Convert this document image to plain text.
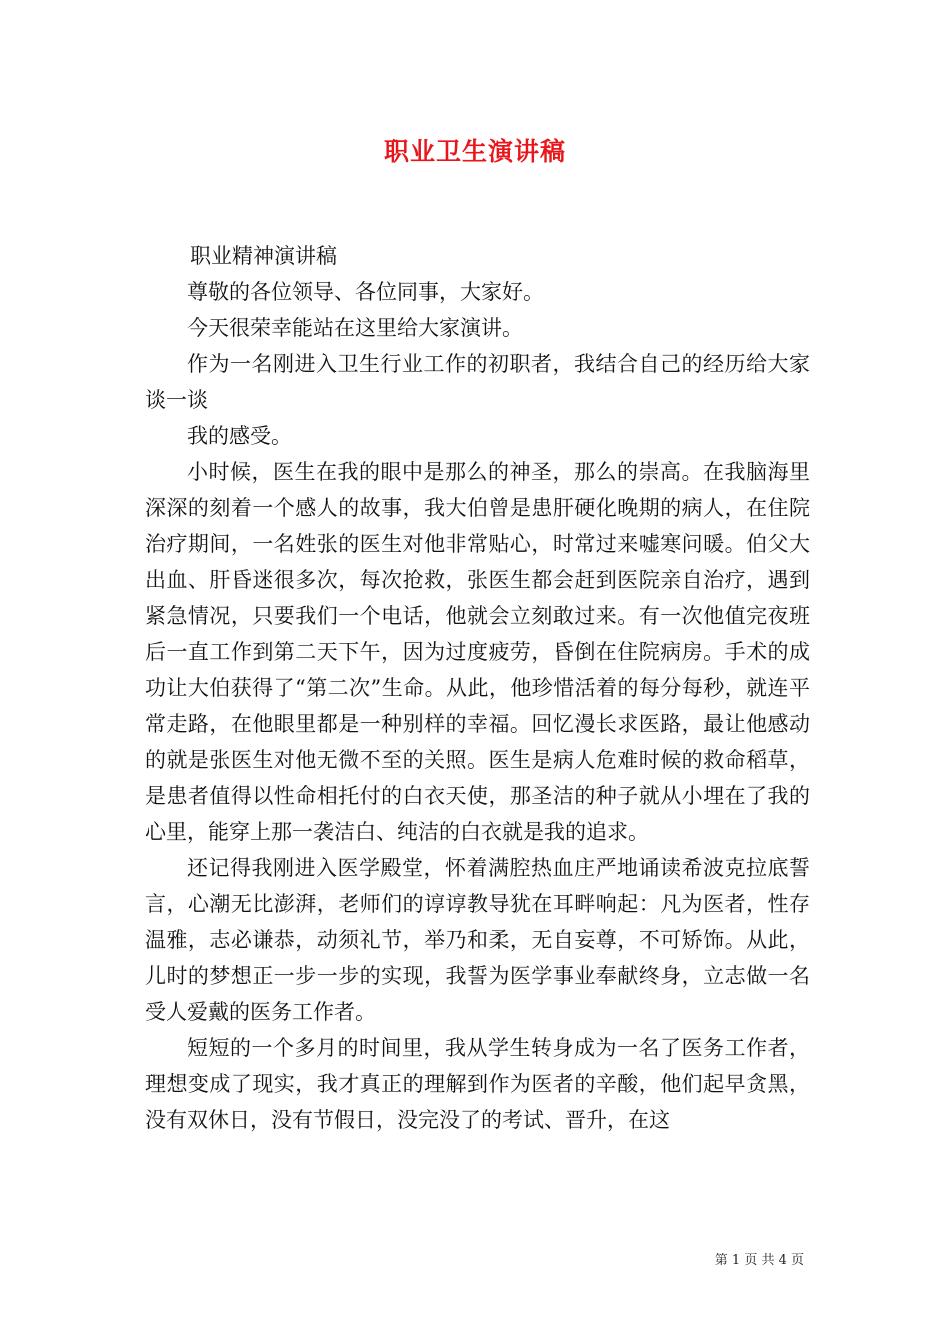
职业卫生演讲稿

职业精神演讲稿

尊敬的各位领导、各位同事，大家好。

今天很荣幸能站在这里给大家演讲。

作为一名刚进入卫生行业工作的初职者，我结合自己的经历给大家谈一谈

我的感受。

小时候，医生在我的眼中是那么的神圣，那么的崇高。在我脑海里深深的刻着一个感人的故事，我大伯曾是患肝硬化晚期的病人，在住院治疗期间，一名姓张的医生对他非常贴心，时常过来嘘寒问暖。伯父大出血、肝昏迷很多次，每次抢救，张医生都会赶到医院亲自治疗，遇到紧急情况，只要我们一个电话，他就会立刻敢过来。有一次他值完夜班后一直工作到第二天下午，因为过度疲劳，昏倒在住院病房。手术的成功让大伯获得了“第二次”生命。从此，他珍惜活着的每分每秒，就连平常走路，在他眼里都是一种别样的幸福。回忆漫长求医路，最让他感动的就是张医生对他无微不至的关照。医生是病人危难时候的救命稻草，是患者值得以性命相托付的白衣天使，那圣洁的种子就从小埋在了我的心里，能穿上那一袭洁白、纯洁的白衣就是我的追求。

还记得我刚进入医学殿堂，怀着满腔热血庄严地诵读希波克拉底誓言，心潮无比澎湃，老师们的谆谆教导犹在耳畔响起：凡为医者，性存温雅，志必谦恭，动须礼节，举乃和柔，无自妄尊，不可矫饰。从此，儿时的梦想正一步一步的实现，我誓为医学事业奉献终身，立志做一名受人爱戴的医务工作者。

短短的一个多月的时间里，我从学生转身成为一名了医务工作者，理想变成了现实，我才真正的理解到作为医者的辛酸，他们起早贪黑，没有双休日，没有节假日，没完没了的考试、晋升，在这

第 1 页 共 4 页
